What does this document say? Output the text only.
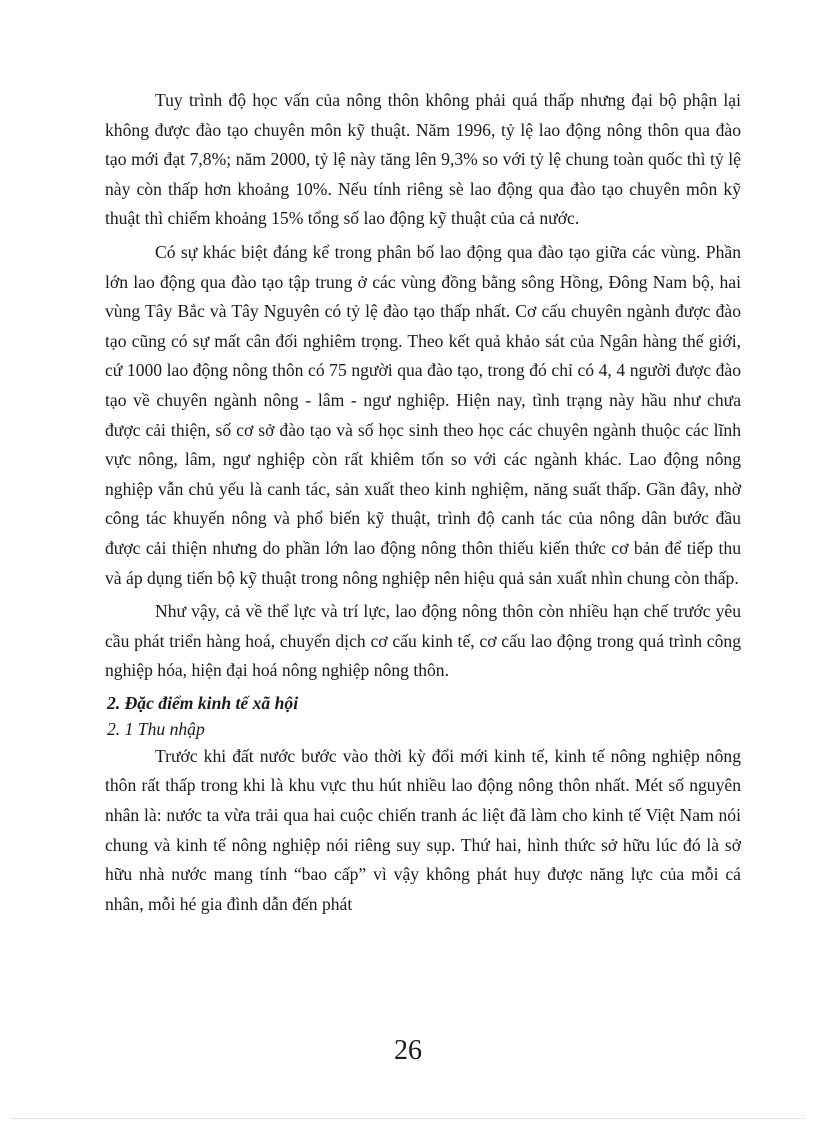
Tuy trình độ học vấn của nông thôn không phải quá thấp nhưng đại bộ phận lại không được đào tạo chuyên môn kỹ thuật. Năm 1996, tỷ lệ lao động nông thôn qua đào tạo mới đạt 7,8%; năm 2000, tỷ lệ này tăng lên 9,3% so với tỷ lệ chung toàn quốc thì tỷ lệ này còn thấp hơn khoảng 10%. Nếu tính riêng sè lao động qua đào tạo chuyên môn kỹ thuật thì chiếm khoảng 15% tổng số lao động kỹ thuật của cả nước.

Có sự khác biệt đáng kể trong phân bố lao động qua đào tạo giữa các vùng. Phần lớn lao động qua đào tạo tập trung ở các vùng đồng bằng sông Hồng, Đông Nam bộ, hai vùng Tây Bắc và Tây Nguyên có tỷ lệ đào tạo thấp nhất. Cơ cấu chuyên ngành được đào tạo cũng có sự mất cân đối nghiêm trọng. Theo kết quả khảo sát của Ngân hàng thế giới, cứ 1000 lao động nông thôn có 75 người qua đào tạo, trong đó chỉ có 4, 4 người được đào tạo về chuyên ngành nông - lâm - ngư nghiệp. Hiện nay, tình trạng này hầu như chưa được cải thiện, số cơ sở đào tạo và số học sinh theo học các chuyên ngành thuộc các lĩnh vực nông, lâm, ngư nghiệp còn rất khiêm tốn so với các ngành khác. Lao động nông nghiệp vẫn chủ yếu là canh tác, sản xuất theo kinh nghiệm, năng suất thấp. Gần đây, nhờ công tác khuyến nông và phổ biến kỹ thuật, trình độ canh tác của nông dân bước đầu được cải thiện nhưng do phần lớn lao động nông thôn thiếu kiến thức cơ bản để tiếp thu và áp dụng tiến bộ kỹ thuật trong nông nghiệp nên hiệu quả sản xuất nhìn chung còn thấp.

Như vậy, cả về thể lực và trí lực, lao động nông thôn còn nhiều hạn chế trước yêu cầu phát triển hàng hoá, chuyển dịch cơ cấu kinh tế, cơ cấu lao động trong quá trình công nghiệp hóa, hiện đại hoá nông nghiệp nông thôn.

2. Đặc điểm kinh tế xã hội

2. 1 Thu nhập

Trước khi đất nước bước vào thời kỳ đổi mới kinh tế, kinh tế nông nghiệp nông thôn rất thấp trong khi là khu vực thu hút nhiều lao động nông thôn nhất. Mét số nguyên nhân là: nước ta vừa trải qua hai cuộc chiến tranh ác liệt đã làm cho kinh tế Việt Nam nói chung và kinh tế nông nghiệp nói riêng suy sụp. Thứ hai, hình thức sở hữu lúc đó là sở hữu nhà nước mang tính “bao cấp” vì vậy không phát huy được năng lực của mỗi cá nhân, mỗi hé gia đình dẫn đến phát

26
